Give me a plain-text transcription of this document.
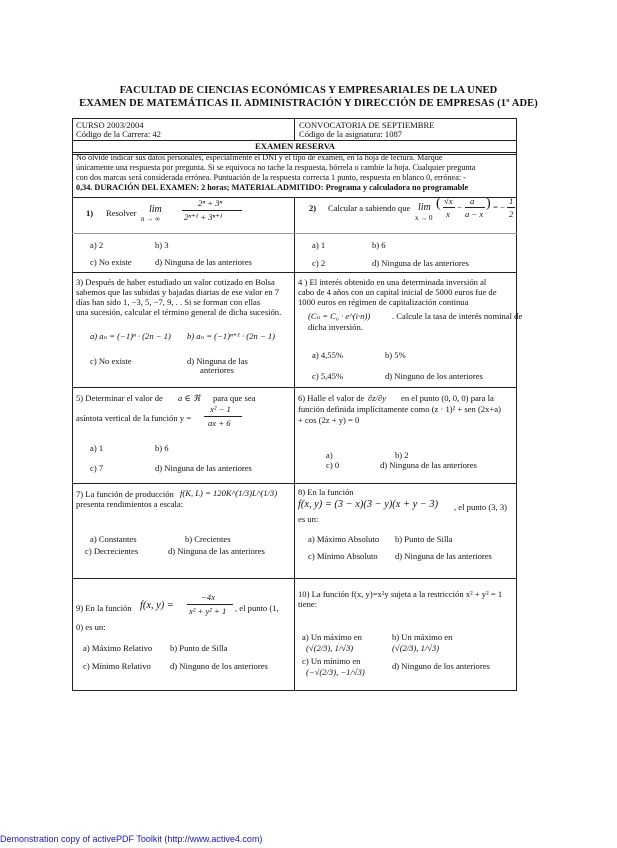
FACULTAD DE CIENCIAS ECONÓMICAS Y EMPRESARIALES DE LA UNED
EXAMEN DE MATEMÁTICAS II. ADMINISTRACIÓN Y DIRECCIÓN DE EMPRESAS (1º ADE)
CURSO 2003/2004
Código de la Carrera: 42
CONVOCATORIA DE SEPTIEMBRE
Código de la asignatura: 1087
EXAMEN RESERVA
No olvide indicar sus datos personales, especialmente el DNI y el tipo de examen, en la hoja de lectura. Marque
únicamente una respuesta por pregunta. Si se equivoca no tache la respuesta, bórrela o cambie la hoja. Cualquier pregunta
con dos marcas será considerada errónea. Puntuación de la respuesta correcta 1 punto, respuesta en blanco 0, errónea: -
0,34. DURACIÓN DEL EXAMEN: 2 horas; MATERIAL ADMITIDO: Programa y calculadora no programable
1) Resolver lim
n → ∞
2ⁿ + 3ⁿ
2ⁿ⁺¹ + 3ⁿ⁺¹
a) 2	b) 3
c) No existe	d) Ninguna de las anteriores
2) Calcular a sabiendo que lim
x → 0
( √x
x
−
a
a − x
) = −
1
2
a) 1	b) 6
c) 2	d) Ninguna de las anteriores
3) Después de haber estudiado un valor cotizado en Bolsa
sabemos que las subidas y bajadas diarias de ese valor en 7
días han sido 1, −3, 5, −7, 9, . . Si se forman con ellas
una sucesión, calcular el término general de dicha sucesión.
a) aₙ = (−1)ⁿ · (2n − 1) b) aₙ = (−1)ⁿ⁺¹ · (2n − 1)
c) No existe	d) Ninguna de las
anteriores
4 ) El interés obtenido en una determinada inversión al
cabo de 4 años con un capital inicial de 5000 euros fue de
1000 euros en régimen de capitalización continua
(Cₙ = C₀ · e^(i·n))	. Calcule la tasa de interés nominal de
dicha inversión.
a) 4,55%	b) 5%
c) 5,45%	d) Ninguno de los anteriores
5) Determinar el valor de a ∈ ℜ para que sea
asíntota vertical de la función y =
x² − 1
ax + 6
a) 1	b) 6
c) 7	d) Ninguna de las anteriores
6) Halle el valor de ∂z/∂y en el punto (0, 0, 0) para la
función definida implícitamente como (z · 1)² + sen (2x+a)
+ cos (2z + y) = 0
a)	b) 2
c) 0	d) Ninguna de las anteriores
7) La función de producción f(K, L) = 120K^(1/3)L^(1/3)
presenta rendimientos a escala:
a) Constantes	b) Crecientes
c) Decrecientes	d) Ninguna de las anteriores
8) En la función
f(x, y) = (3 − x)(3 − y)(x + y − 3) , el punto (3, 3)
es un:
a) Máximo Absoluto b) Punto de Silla
c) Mínimo Absoluto d) Ninguna de las anteriores
9) En la función f(x, y) =
−4x
x² + y² + 1 , el punto (1,
0) es un:
a) Máximo Relativo b) Punto de Silla
c) Mínimo Relativo d) Ninguno de los anteriores
10) La función f(x, y)=x²y sujeta a la restricción x² + y² = 1
tiene:
a) Un máximo en
(√(2/3), 1/√3)
b) Un máximo en
(√(2/3), 1/√3)
c) Un mínimo en
(−√(2/3), −1/√3)
d) Ninguno de los anteriores
Demonstration copy of activePDF Toolkit (http://www.active4.com)
